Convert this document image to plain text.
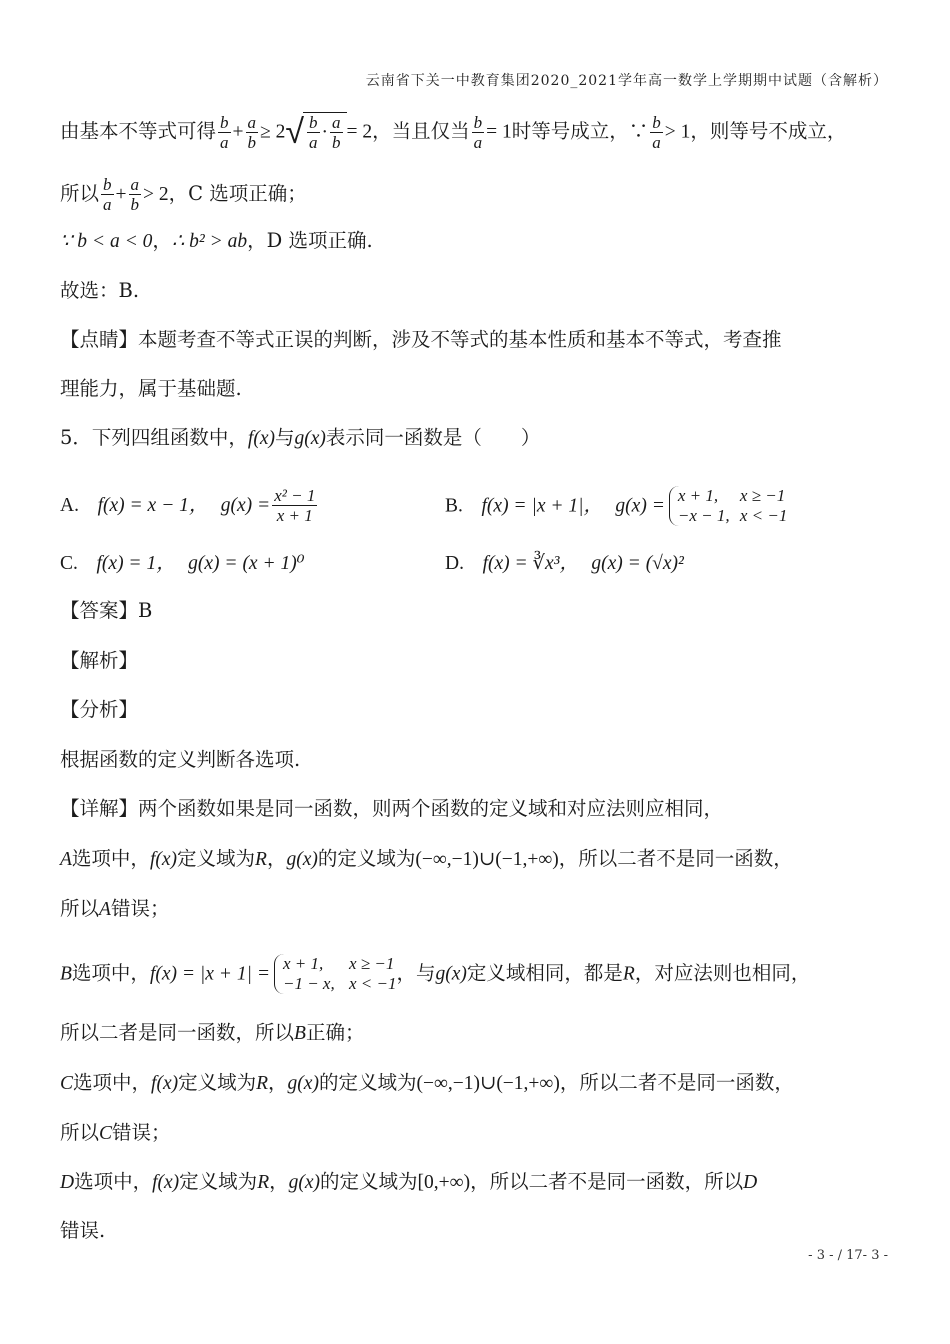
云南省下关一中教育集团2020_2021学年高一数学上学期期中试题（含解析）
由基本不等式可得 $\frac{b}{a} + \frac{a}{b} \ge 2√ \frac{b}{a} \cdot \frac{a}{b} = 2$，当且仅当 $\frac{b}{a} = 1$时等号成立，∵ $\frac{b}{a} > 1$，则等号不成立，
所以 $\frac{b}{a} + \frac{a}{b} > 2$，C 选项正确；
∵ b < a < 0，∴ b² > ab，D 选项正确.
故选：B.
【点睛】本题考查不等式正误的判断，涉及不等式的基本性质和基本不等式，考查推
理能力，属于基础题.
5．下列四组函数中，f(x)与g(x)表示同一函数是（　　）
A. f(x) = x − 1， $g(x) = \frac{\text{x² − 1}}{x + 1}$	B. f(x) = |x + 1|， g(x) = x + 1, x ≥ −1
−x − 1, x < −1
C. f(x) = 1， g(x) = (x + 1)⁰	D. f(x) = ∛x³， g(x) = (√x)²
【答案】B
【解析】
【分析】
根据函数的定义判断各选项.
【详解】两个函数如果是同一函数，则两个函数的定义域和对应法则应相同，
A选项中，f(x)定义域为R，g(x)的定义域为(−∞,−1)∪(−1,+∞)，所以二者不是同一函数，
所以A错误；
B选项中，f(x) = |x + 1| = x + 1, x ≥ −1
−1 − x, x < −1 ，与g(x)定义域相同，都是R，对应法则也相同，
所以二者是同一函数，所以B正确；
C选项中，f(x)定义域为R，g(x)的定义域为(−∞,−1)∪(−1,+∞)，所以二者不是同一函数，
所以C错误；
D选项中，f(x)定义域为R，g(x)的定义域为[0,+∞)，所以二者不是同一函数，所以D
错误.
- 3 - / 17- 3 -
